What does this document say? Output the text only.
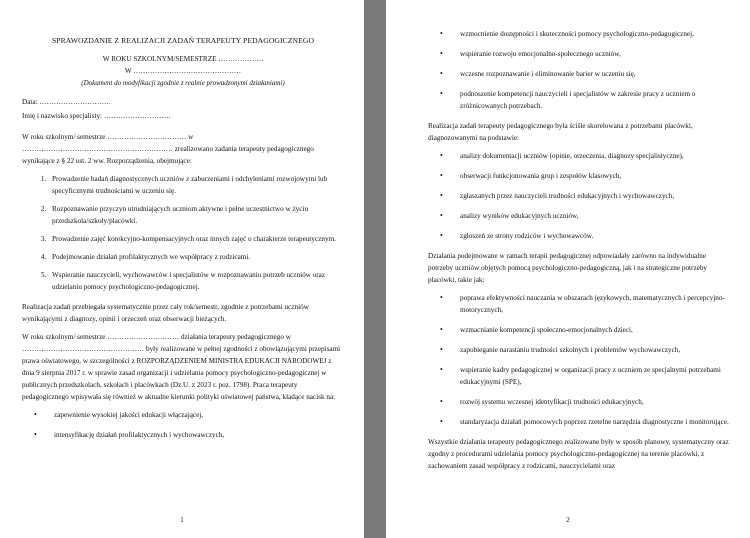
SPRAWOZDANIE Z REALIZACJI ZADAŃ TERAPEUTY PEDAGOGICZNEGO
W ROKU SZKOLNYM/SEMESTRZE ……………….
W ………………………………………
(Dokument do modyfikacji zgodnie z realnie prowadzonymi działaniami)

Data: …………………………

Imię i nazwisko specjalisty: ……………………….

W roku szkolnym/ semestrze …………………………… w ……………………………………………………… zrealizowano zadania terapeuty pedagogicznego wynikające z § 22 ust. 2 ww. Rozporządzenia, obejmujące:

1. Prowadzenie badań diagnostycznych uczniów z zaburzeniami i odchyleniami rozwojowymi lub specyficznymi trudnościami w uczeniu się.
2. Rozpoznawanie przyczyn utrudniających uczniom aktywne i pełne uczestnictwo w życiu przedszkola/szkoły/placówki.
3. Prowadzenie zajęć korekcyjno-kompensacyjnych oraz innych zajęć o charakterze terapeutycznym.
4. Podejmowanie działań profilaktycznych we współpracy z rodzicami.
5. Wspieranie nauczycieli, wychowawców i specjalistów w rozpoznawaniu potrzeb uczniów oraz udzielaniu pomocy psychologiczno-pedagogicznej.

Realizacja zadań przebiegała systematycznie przez cały rok/semestr, zgodnie z potrzebami uczniów wynikającymi z diagnozy, opinii i orzeczeń oraz obserwacji bieżących.

W roku szkolnym/ semestrze ………………………… działania terapeuty pedagogicznego w …………………………………………… były realizowane w pełnej zgodności z obowiązującymi przepisami prawa oświatowego, w szczególności z ROZPORZĄDZENIEM MINISTRA EDUKACJI NARODOWEJ z dnia 9 sierpnia 2017 r. w sprawie zasad organizacji i udzielania pomocy psychologiczno-pedagogicznej w publicznych przedszkolach, szkołach i placówkach (Dz.U. z 2023 r. poz. 1798). Praca terapeuty pedagogicznego wpisywała się również w aktualne kierunki polityki oświatowej państwa, kładące nacisk na:

• zapewnienie wysokiej jakości edukacji włączającej,
• intensyfikację działań profilaktycznych i wychowawczych,
1
• wzmocnienie dostępności i skuteczności pomocy psychologiczno-pedagogicznej,
• wspieranie rozwoju emocjonalno-społecznego uczniów,
• wczesne rozpoznawanie i eliminowanie barier w uczeniu się,
• podnoszenie kompetencji nauczycieli i specjalistów w zakresie pracy z uczniem o zróżnicowanych potrzebach.

Realizacja zadań terapeuty pedagogicznego była ściśle skorelowana z potrzebami placówki, diagnozowanymi na podstawie:

• analizy dokumentacji uczniów (opinie, orzeczenia, diagnozy specjalistyczne),
• obserwacji funkcjonowania grup i zespołów klasowych,
• zgłaszanych przez nauczycieli trudności edukacyjnych i wychowawczych,
• analizy wyników edukacyjnych uczniów,
• zgłoszeń ze strony rodziców i wychowawców.

Działania podejmowane w ramach terapii pedagogicznej odpowiadały zarówno na indywidualne potrzeby uczniów objętych pomocą psychologiczno-pedagogiczną, jak i na strategiczne potrzeby placówki, takie jak:

• poprawa efektywności nauczania w obszarach językowych, matematycznych i percepcyjno-motorycznych,
• wzmacnianie kompetencji społeczno-emocjonalnych dzieci,
• zapobieganie narastaniu trudności szkolnych i problemów wychowawczych,
• wspieranie kadry pedagogicznej w organizacji pracy z uczniem ze specjalnymi potrzebami edukacyjnymi (SPE),
• rozwój systemu wczesnej identyfikacji trudności edukacyjnych,
• standaryzacja działań pomocowych poprzez rzetelne narzędzia diagnostyczne i monitorujące.

Wszystkie działania terapeuty pedagogicznego realizowane były w sposób planowy, systematyczny oraz zgodny z procedurami udzielania pomocy psychologiczno-pedagogicznej na terenie placówki, z zachowaniem zasad współpracy z rodzicami, nauczycielami oraz

2
